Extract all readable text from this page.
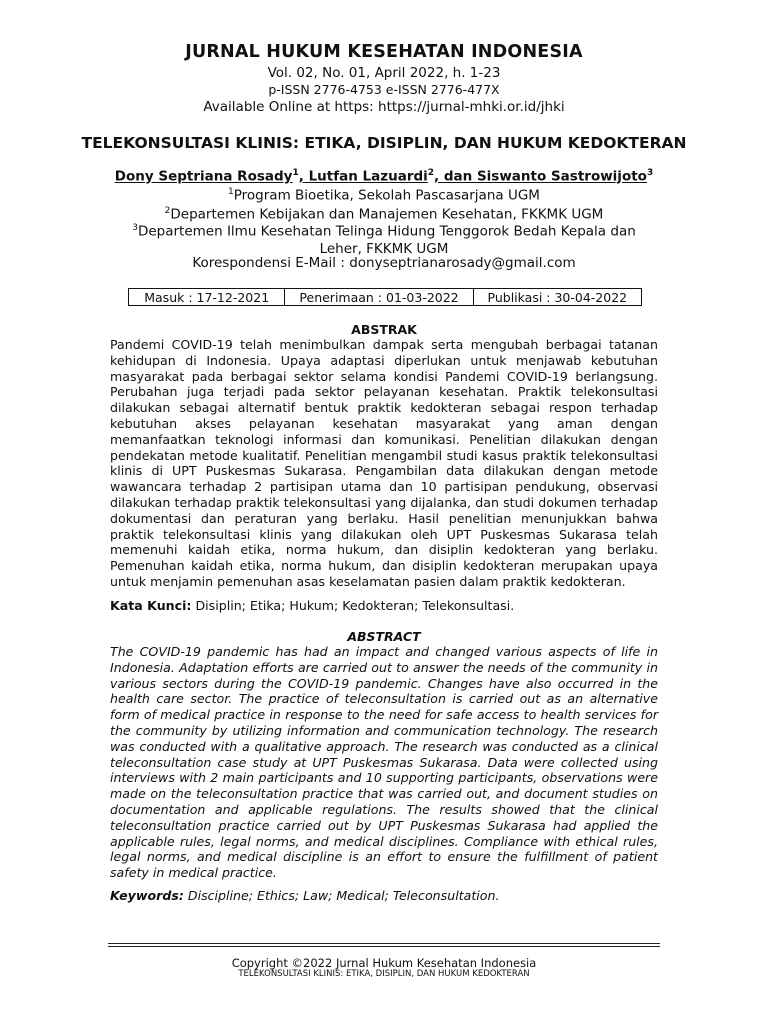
JURNAL HUKUM KESEHATAN INDONESIA
Vol. 02, No. 01, April 2022, h. 1-23
p-ISSN 2776-4753 e-ISSN 2776-477X
Available Online at https: https://jurnal-mhki.or.id/jhki
TELEKONSULTASI KLINIS: ETIKA, DISIPLIN, DAN HUKUM KEDOKTERAN
Dony Septriana Rosady$^1$, Lutfan Lazuardi$^2$, dan Siswanto Sastrowijoto$^3$
$^1$Program Bioetika, Sekolah Pascasarjana UGM
$^2$Departemen Kebijakan dan Manajemen Kesehatan, FKKMK UGM
$^3$Departemen Ilmu Kesehatan Telinga Hidung Tenggorok Bedah Kepala dan Leher, FKKMK UGM
Korespondensi E-Mail : donyseptrianarosady@gmail.com
Masuk : 17-12-2021	Penerimaan : 01-03-2022	Publikasi : 30-04-2022
ABSTRAK
Pandemi COVID-19 telah menimbulkan dampak serta mengubah berbagai tatanan kehidupan di Indonesia. Upaya adaptasi diperlukan untuk menjawab kebutuhan masyarakat pada berbagai sektor selama kondisi Pandemi COVID-19 berlangsung. Perubahan juga terjadi pada sektor pelayanan kesehatan. Praktik telekonsultasi dilakukan sebagai alternatif bentuk praktik kedokteran sebagai respon terhadap kebutuhan akses pelayanan kesehatan masyarakat yang aman dengan memanfaatkan teknologi informasi dan komunikasi. Penelitian dilakukan dengan pendekatan metode kualitatif. Penelitian mengambil studi kasus praktik telekonsultasi klinis di UPT Puskesmas Sukarasa. Pengambilan data dilakukan dengan metode wawancara terhadap 2 partisipan utama dan 10 partisipan pendukung, observasi dilakukan terhadap praktik telekonsultasi yang dijalanka, dan studi dokumen terhadap dokumentasi dan peraturan yang berlaku. Hasil penelitian menunjukkan bahwa praktik telekonsultasi klinis yang dilakukan oleh UPT Puskesmas Sukarasa telah memenuhi kaidah etika, norma hukum, dan disiplin kedokteran yang berlaku. Pemenuhan kaidah etika, norma hukum, dan disiplin kedokteran merupakan upaya untuk menjamin pemenuhan asas keselamatan pasien dalam praktik kedokteran.
Kata Kunci: Disiplin; Etika; Hukum; Kedokteran; Telekonsultasi.
ABSTRACT
The COVID-19 pandemic has had an impact and changed various aspects of life in Indonesia. Adaptation efforts are carried out to answer the needs of the community in various sectors during the COVID-19 pandemic. Changes have also occurred in the health care sector. The practice of teleconsultation is carried out as an alternative form of medical practice in response to the need for safe access to health services for the community by utilizing information and communication technology. The research was conducted with a qualitative approach. The research was conducted as a clinical teleconsultation case study at UPT Puskesmas Sukarasa. Data were collected using interviews with 2 main participants and 10 supporting participants, observations were made on the teleconsultation practice that was carried out, and document studies on documentation and applicable regulations. The results showed that the clinical teleconsultation practice carried out by UPT Puskesmas Sukarasa had applied the applicable rules, legal norms, and medical disciplines. Compliance with ethical rules, legal norms, and medical discipline is an effort to ensure the fulfillment of patient safety in medical practice.
Keywords: Discipline; Ethics; Law; Medical; Teleconsultation.
Copyright ©2022 Jurnal Hukum Kesehatan Indonesia
TELEKONSULTASI KLINIS: ETIKA, DISIPLIN, DAN HUKUM KEDOKTERAN
